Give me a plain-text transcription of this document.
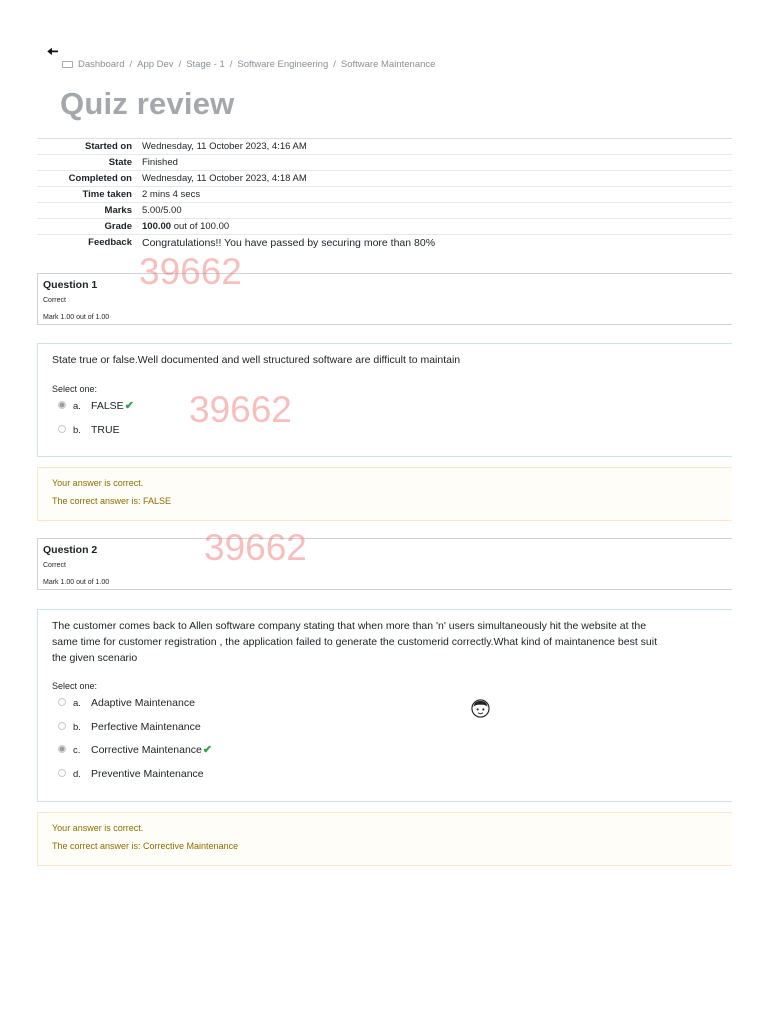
🠄
Dashboard / App Dev / Stage - 1 / Software Engineering / Software Maintenance
Quiz review
Started on	Wednesday, 11 October 2023, 4:16 AM
State	Finished
Completed on	Wednesday, 11 October 2023, 4:18 AM
Time taken	2 mins 4 secs
Marks	5.00/5.00
Grade	100.00 out of 100.00
Feedback	Congratulations!! You have passed by securing more than 80%
Question 1
Correct
Mark 1.00 out of 1.00
State true or false.Well documented and well structured software are difficult to maintain
Select one:
a. FALSE✔
b. TRUE
Your answer is correct.
The correct answer is: FALSE
Question 2
Correct
Mark 1.00 out of 1.00
The customer comes back to Allen software company stating that when more than 'n' users simultaneously hit the website at the
same time for customer registration , the application failed to generate the customerid correctly.What kind of maintanence best suit
the given scenario
Select one:
a. Adaptive Maintenance
b. Perfective Maintenance
c. Corrective Maintenance✔
d. Preventive Maintenance
Your answer is correct.
The correct answer is: Corrective Maintenance
39662
39662
39662
